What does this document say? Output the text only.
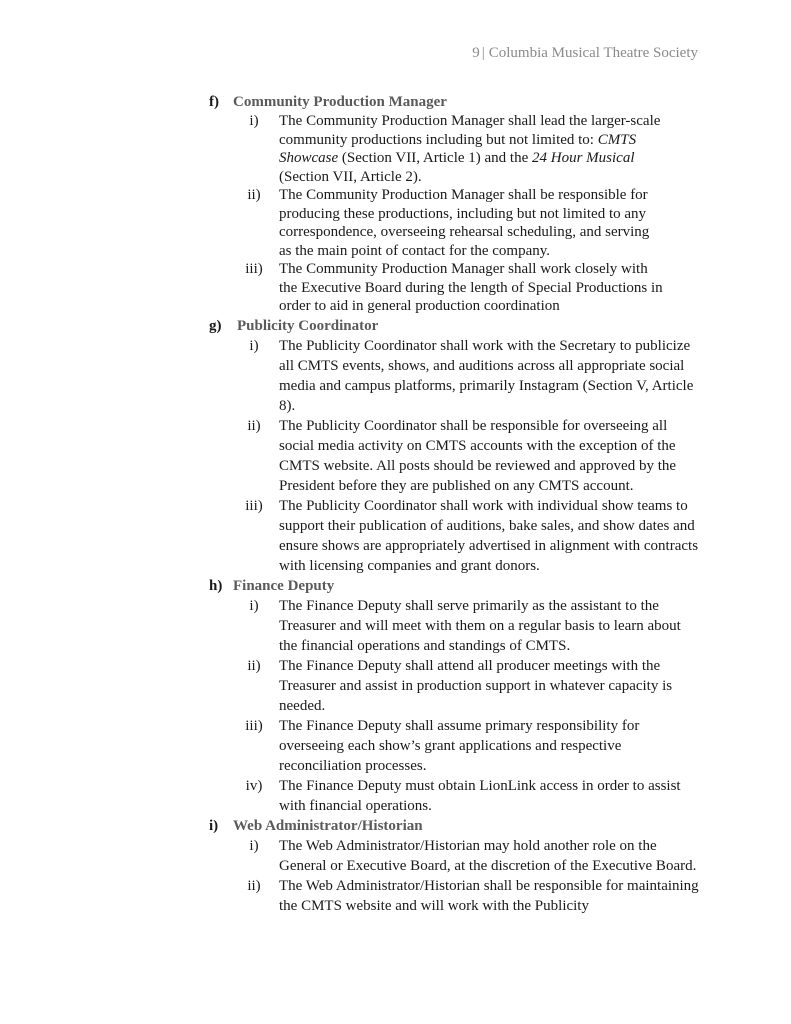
9 | Columbia Musical Theatre Society
f) Community Production Manager
i)	The Community Production Manager shall lead the larger-scale community productions including but not limited to: CMTS Showcase (Section VII, Article 1) and the 24 Hour Musical (Section VII, Article 2).
ii)	The Community Production Manager shall be responsible for producing these productions, including but not limited to any correspondence, overseeing rehearsal scheduling, and serving as the main point of contact for the company.
iii)	The Community Production Manager shall work closely with the Executive Board during the length of Special Productions in order to aid in general production coordination
g) Publicity Coordinator
i)	The Publicity Coordinator shall work with the Secretary to publicize all CMTS events, shows, and auditions across all appropriate social media and campus platforms, primarily Instagram (Section V, Article 8).
ii)	The Publicity Coordinator shall be responsible for overseeing all social media activity on CMTS accounts with the exception of the CMTS website. All posts should be reviewed and approved by the President before they are published on any CMTS account.
iii)	The Publicity Coordinator shall work with individual show teams to support their publication of auditions, bake sales, and show dates and ensure shows are appropriately advertised in alignment with contracts with licensing companies and grant donors.
h) Finance Deputy
i)	The Finance Deputy shall serve primarily as the assistant to the Treasurer and will meet with them on a regular basis to learn about the financial operations and standings of CMTS.
ii)	The Finance Deputy shall attend all producer meetings with the Treasurer and assist in production support in whatever capacity is needed.
iii)	The Finance Deputy shall assume primary responsibility for overseeing each show’s grant applications and respective reconciliation processes.
iv)	The Finance Deputy must obtain LionLink access in order to assist with financial operations.
i) Web Administrator/Historian
i)	The Web Administrator/Historian may hold another role on the General or Executive Board, at the discretion of the Executive Board.
ii)	The Web Administrator/Historian shall be responsible for maintaining the CMTS website and will work with the Publicity
